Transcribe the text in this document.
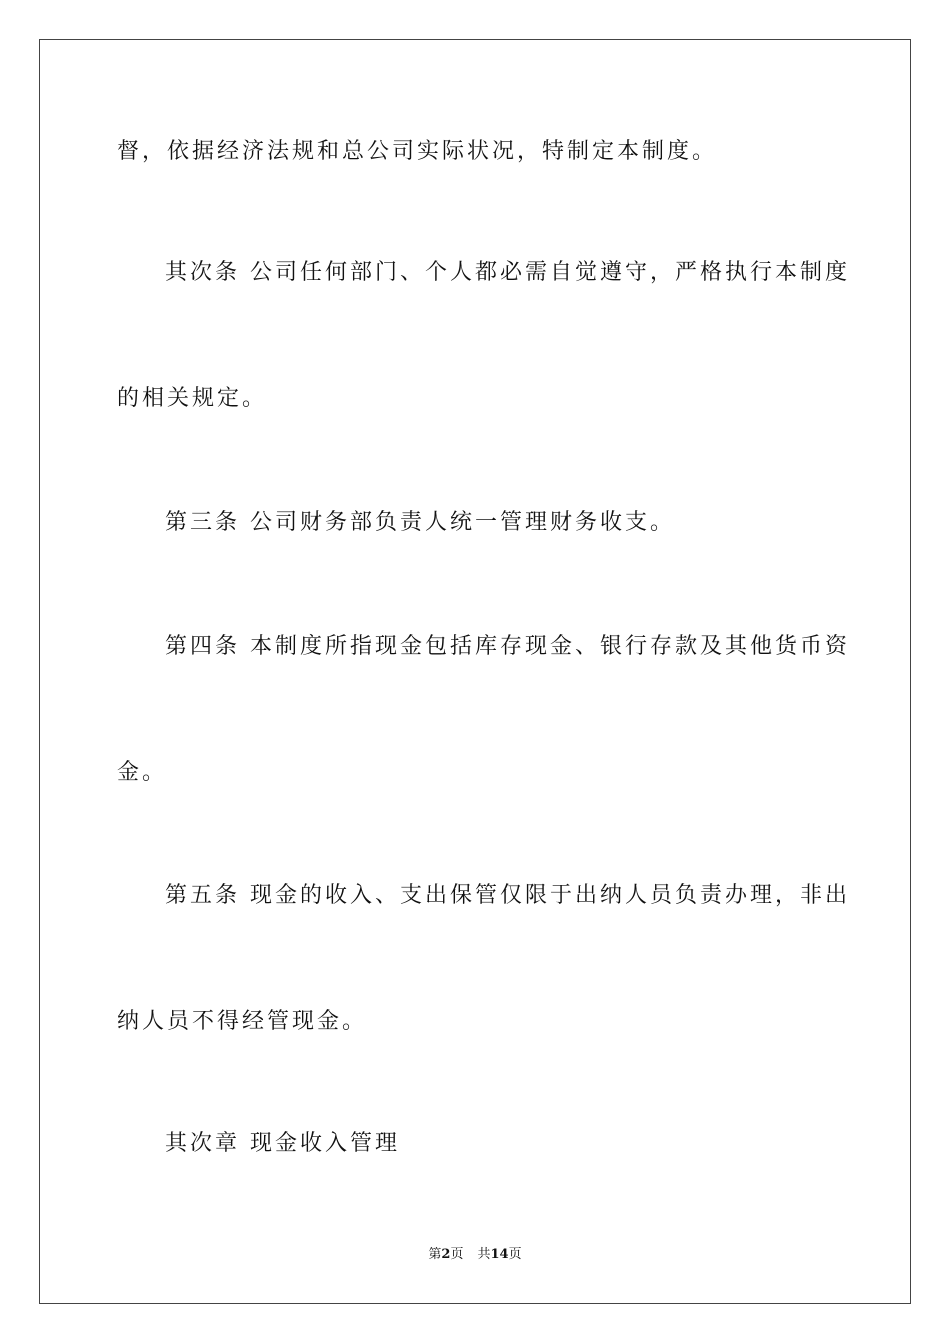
督，依据经济法规和总公司实际状况，特制定本制度。
其次条 公司任何部门、个人都必需自觉遵守，严格执行本制度
的相关规定。
第三条 公司财务部负责人统一管理财务收支。
第四条 本制度所指现金包括库存现金、银行存款及其他货币资
金。
第五条 现金的收入、支出保管仅限于出纳人员负责办理，非出
纳人员不得经管现金。
其次章 现金收入管理
第2页 共14页
